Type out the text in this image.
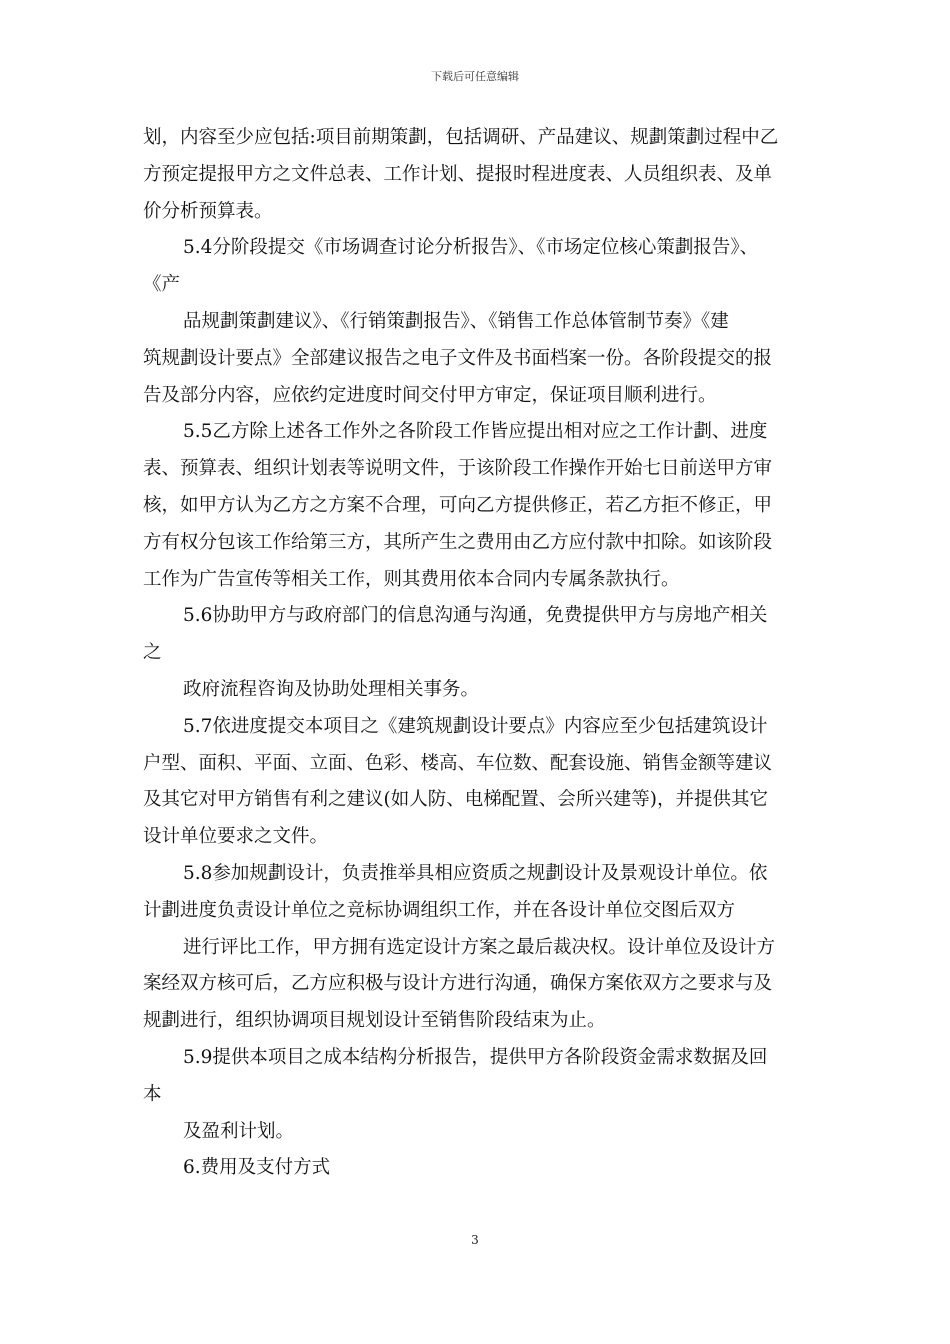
下载后可任意编辑
划，内容至少应包括:项目前期策劃，包括调研、产品建议、规劃策劃过程中乙
方预定提报甲方之文件总表、工作计划、提报时程进度表、人员组织表、及单
价分析预算表。
5.4分阶段提交《市场调查讨论分析报告》、《市场定位核心策劃报告》、
《产
品规劃策劃建议》、《行销策劃报告》、《销售工作总体管制节奏》《建
筑规劃设计要点》全部建议报告之电子文件及书面档案一份。各阶段提交的报
告及部分内容，应依约定进度时间交付甲方审定，保证项目顺利进行。
5.5乙方除上述各工作外之各阶段工作皆应提出相对应之工作计劃、进度
表、预算表、组织计划表等说明文件，于该阶段工作操作开始七日前送甲方审
核，如甲方认为乙方之方案不合理，可向乙方提供修正，若乙方拒不修正，甲
方有权分包该工作给第三方，其所产生之费用由乙方应付款中扣除。如该阶段
工作为广告宣传等相关工作，则其费用依本合同内专属条款执行。
5.6协助甲方与政府部门的信息沟通与沟通，免费提供甲方与房地产相关
之
政府流程咨询及协助处理相关事务。
5.7依进度提交本项目之《建筑规劃设计要点》内容应至少包括建筑设计
户型、面积、平面、立面、色彩、楼高、车位数、配套设施、销售金额等建议
及其它对甲方销售有利之建议(如人防、电梯配置、会所兴建等)，并提供其它
设计单位要求之文件。
5.8参加规劃设计，负责推举具相应资质之规劃设计及景观设计单位。依
计劃进度负责设计单位之竞标协调组织工作，并在各设计单位交图后双方
进行评比工作，甲方拥有选定设计方案之最后裁决权。设计单位及设计方
案经双方核可后，乙方应积极与设计方进行沟通，确保方案依双方之要求与及
规劃进行，组织协调项目规划设计至销售阶段结束为止。
5.9提供本项目之成本结构分析报告，提供甲方各阶段资金需求数据及回
本
及盈利计划。
6.费用及支付方式
3
